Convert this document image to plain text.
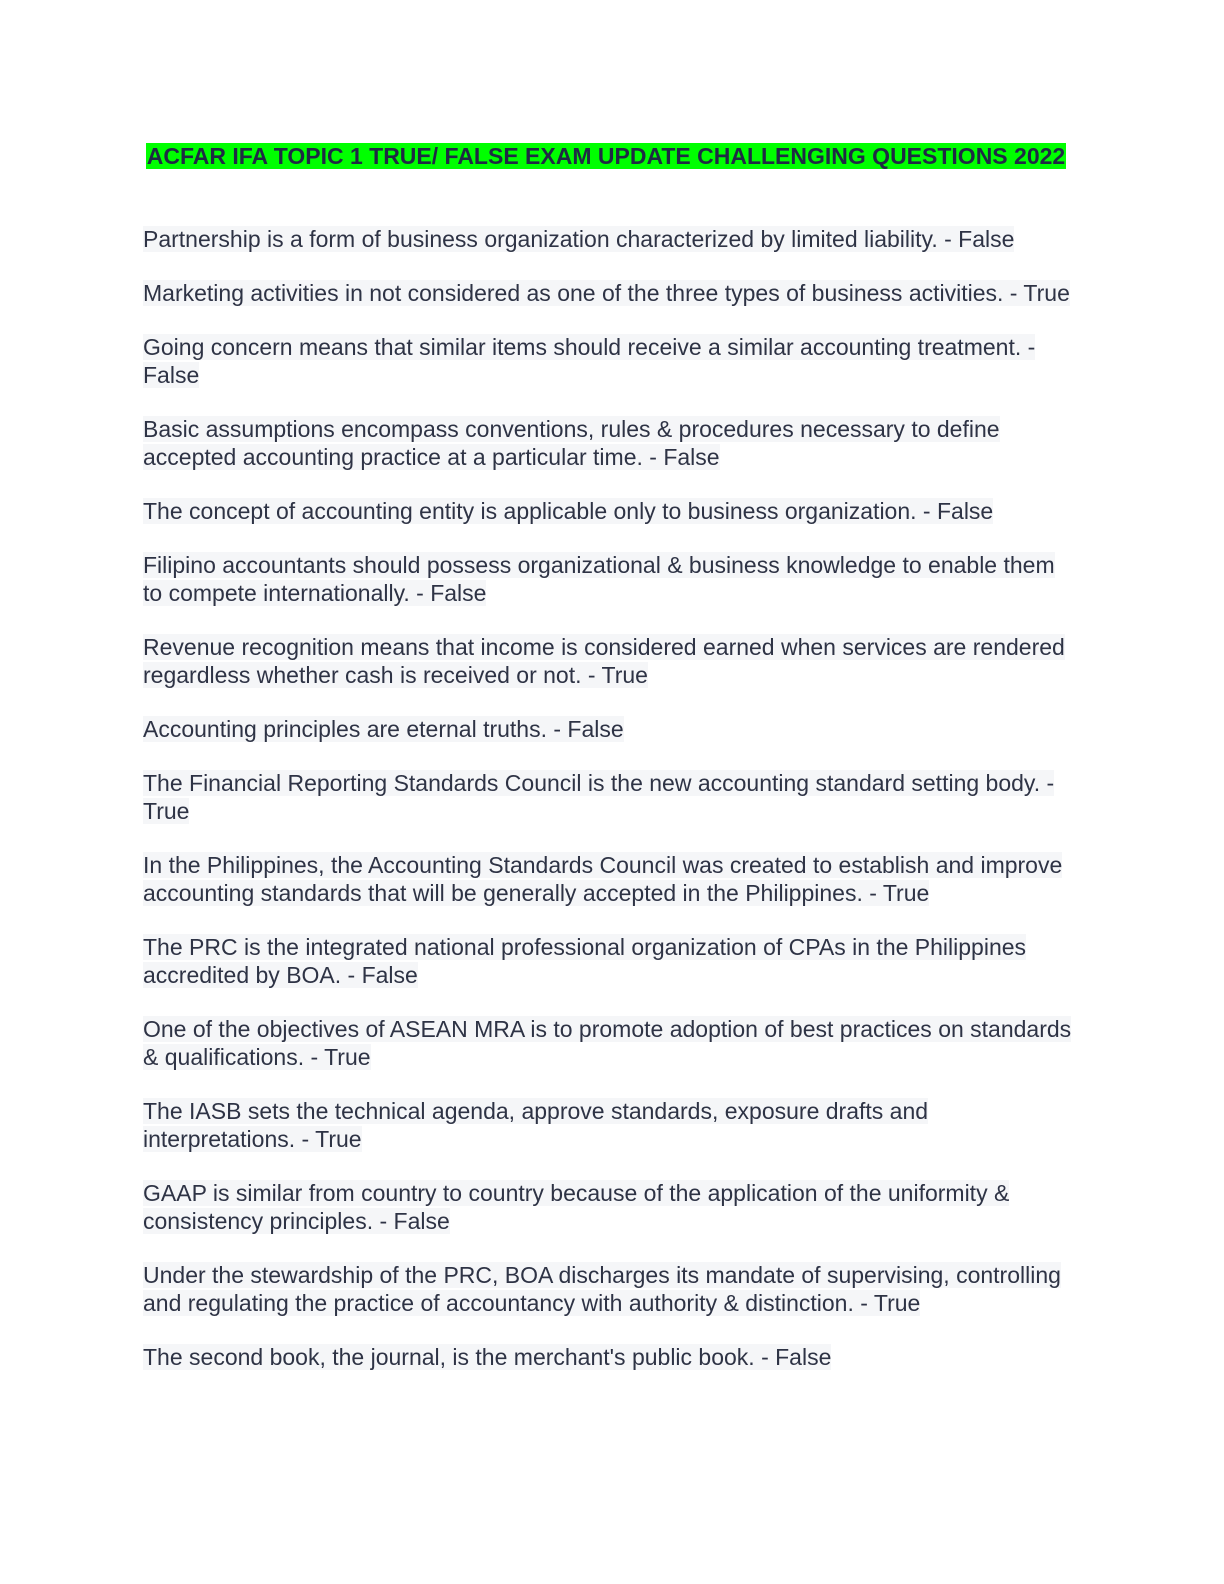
ACFAR IFA TOPIC 1 TRUE/ FALSE EXAM UPDATE CHALLENGING QUESTIONS 2022
Partnership is a form of business organization characterized by limited liability. - False
Marketing activities in not considered as one of the three types of business activities. - True
Going concern means that similar items should receive a similar accounting treatment. - False
Basic assumptions encompass conventions, rules & procedures necessary to define accepted accounting practice at a particular time. - False
The concept of accounting entity is applicable only to business organization. - False
Filipino accountants should possess organizational & business knowledge to enable them to compete internationally. - False
Revenue recognition means that income is considered earned when services are rendered regardless whether cash is received or not. - True
Accounting principles are eternal truths. - False
The Financial Reporting Standards Council is the new accounting standard setting body. - True
In the Philippines, the Accounting Standards Council was created to establish and improve accounting standards that will be generally accepted in the Philippines. - True
The PRC is the integrated national professional organization of CPAs in the Philippines accredited by BOA. - False
One of the objectives of ASEAN MRA is to promote adoption of best practices on standards & qualifications. - True
The IASB sets the technical agenda, approve standards, exposure drafts and interpretations. - True
GAAP is similar from country to country because of the application of the uniformity & consistency principles. - False
Under the stewardship of the PRC, BOA discharges its mandate of supervising, controlling and regulating the practice of accountancy with authority & distinction. - True
The second book, the journal, is the merchant's public book. - False
